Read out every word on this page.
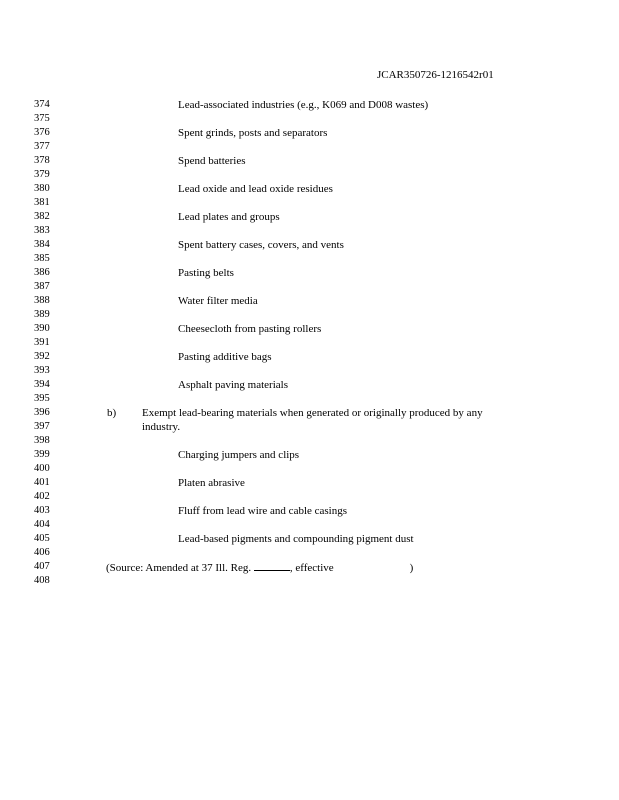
JCAR350726-1216542r01
374	Lead-associated industries (e.g., K069 and D008 wastes)
375
376	Spent grinds, posts and separators
377
378	Spend batteries
379
380	Lead oxide and lead oxide residues
381
382	Lead plates and groups
383
384	Spent battery cases, covers, and vents
385
386	Pasting belts
387
388	Water filter media
389
390	Cheesecloth from pasting rollers
391
392	Pasting additive bags
393
394	Asphalt paving materials
395
396	b) Exempt lead-bearing materials when generated or originally produced by any
397	industry.
398
399	Charging jumpers and clips
400
401	Platen abrasive
402
403	Fluff from lead wire and cable casings
404
405	Lead-based pigments and compounding pigment dust
406
407	(Source: Amended at 37 Ill. Reg.	, effective	)
408
